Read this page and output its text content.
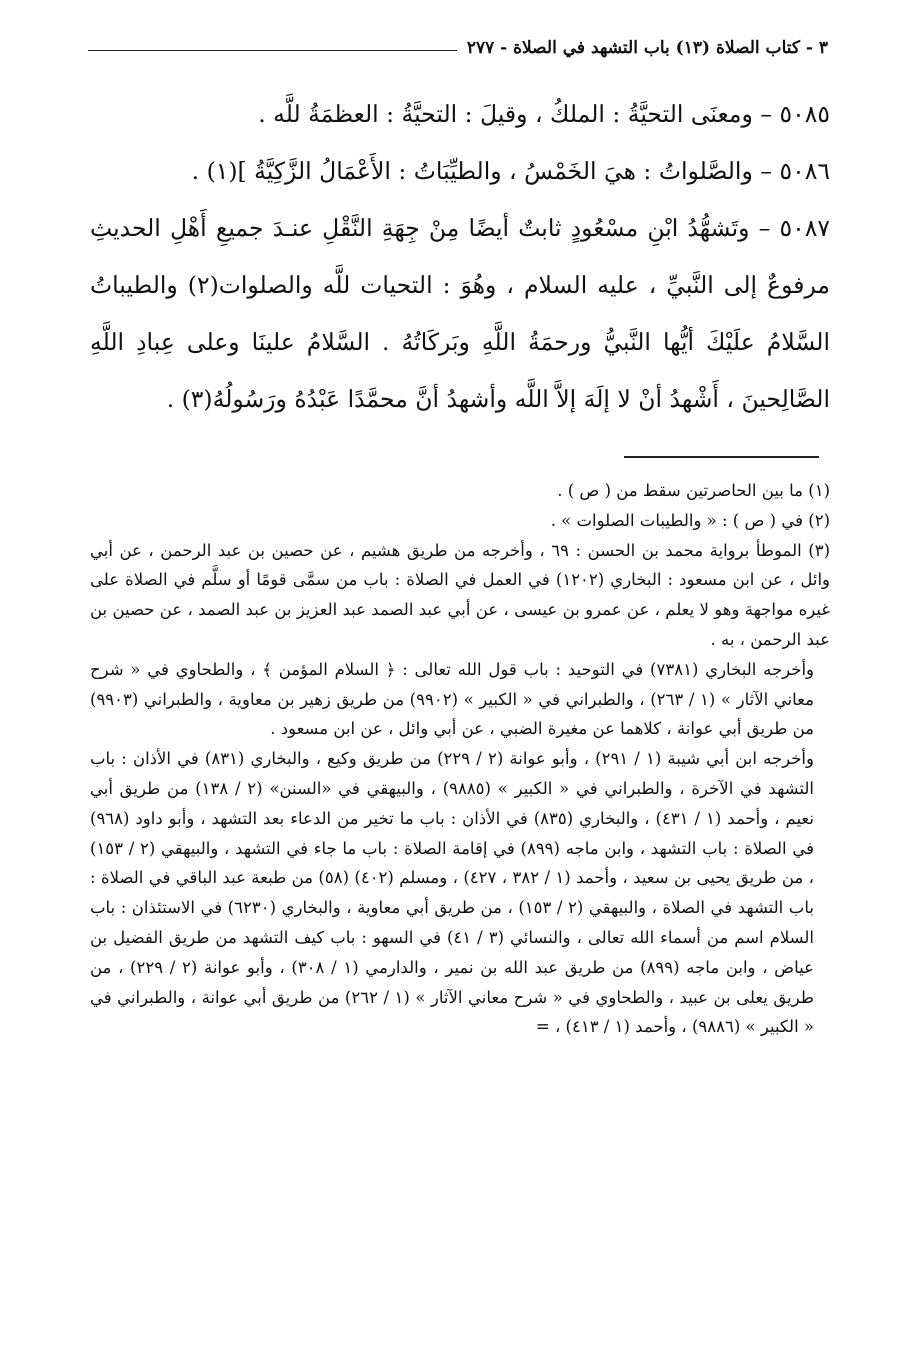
٣ - كتاب الصلاة (١٣) باب التشهد في الصلاة - ٢٧٧

٥٠٨٥ – ومعنَى التحيَّةُ : الملكُ ، وقيلَ : التحيَّةُ : العظمَةُ للَّه .

٥٠٨٦ – والصَّلواتُ : هيَ الخَمْسُ ، والطيِّبَاتُ : الأَعْمَالُ الزَّكِيَّةُ ](١) .

٥٠٨٧ – وتَشهُّدُ ابْنِ مسْعُودٍ ثابتٌ أيضًا مِنْ جِهَةِ النَّقْلِ عنـدَ جميعِ أَهْلِ الحديثِ مرفوعٌ إلى النَّبيِّ ، عليه السلام ، وهُوَ : التحيات للَّه والصلوات(٢) والطيباتُ السَّلامُ علَيْكَ أيُّها النَّبيُّ ورحمَةُ اللَّهِ وبَركَاتُهُ . السَّلامُ علينَا وعلى عِبادِ اللَّهِ الصَّالِحينَ ، أَشْهدُ أنْ لا إلَهَ إلاَّ اللَّه وأشهدُ أنَّ محمَّدًا عَبْدُهُ ورَسُولُهُ(٣) .

(١) ما بين الحاصرتين سقط من ( ص ) .

(٢) في ( ص ) : « والطيبات الصلوات » .

(٣) الموطأ برواية محمد بن الحسن : ٦٩ ، وأخرجه من طريق هشيم ، عن حصين بن عبد الرحمن ، عن أبي وائل ، عن ابن مسعود : البخاري (١٢٠٢) في العمل في الصلاة : باب من سمَّى قومًا أو سلَّم في الصلاة على غيره مواجهة وهو لا يعلم ، عن عمرو بن عيسى ، عن أبي عبد الصمد عبد العزيز بن عبد الصمد ، عن حصين بن عبد الرحمن ، به .

وأخرجه البخاري (٧٣٨١) في التوحيد : باب قول الله تعالى : ﴿ السلام المؤمن ﴾ ، والطحاوي في « شرح معاني الآثار » (١ / ٢٦٣) ، والطبراني في « الكبير » (٩٩٠٢) من طريق زهير بن معاوية ، والطبراني (٩٩٠٣) من طريق أبي عوانة ، كلاهما عن مغيرة الضبي ، عن أبي وائل ، عن ابن مسعود .

وأخرجه ابن أبي شيبة (١ / ٢٩١) ، وأبو عوانة (٢ / ٢٢٩) من طريق وكيع ، والبخاري (٨٣١) في الأذان : باب التشهد في الآخرة ، والطبراني في « الكبير » (٩٨٨٥) ، والبيهقي في «السنن» (٢ / ١٣٨) من طريق أبي نعيم ، وأحمد (١ / ٤٣١) ، والبخاري (٨٣٥) في الأذان : باب ما تخير من الدعاء بعد التشهد ، وأبو داود (٩٦٨) في الصلاة : باب التشهد ، وابن ماجه (٨٩٩) في إقامة الصلاة : باب ما جاء في التشهد ، والبيهقي (٢ / ١٥٣) ، من طريق يحيى بن سعيد ، وأحمد (١ / ٣٨٢ ، ٤٢٧) ، ومسلم (٤٠٢) (٥٨) من طبعة عبد الباقي في الصلاة : باب التشهد في الصلاة ، والبيهقي (٢ / ١٥٣) ، من طريق أبي معاوية ، والبخاري (٦٢٣٠) في الاستئذان : باب السلام اسم من أسماء الله تعالى ، والنسائي (٣ / ٤١) في السهو : باب كيف التشهد من طريق الفضيل بن عياض ، وابن ماجه (٨٩٩) من طريق عبد الله بن نمير ، والدارمي (١ / ٣٠٨) ، وأبو عوانة (٢ / ٢٢٩) ، من طريق يعلى بن عبيد ، والطحاوي في « شرح معاني الآثار » (١ / ٢٦٢) من طريق أبي عوانة ، والطبراني في « الكبير » (٩٨٨٦) ، وأحمد (١ / ٤١٣) ، =
